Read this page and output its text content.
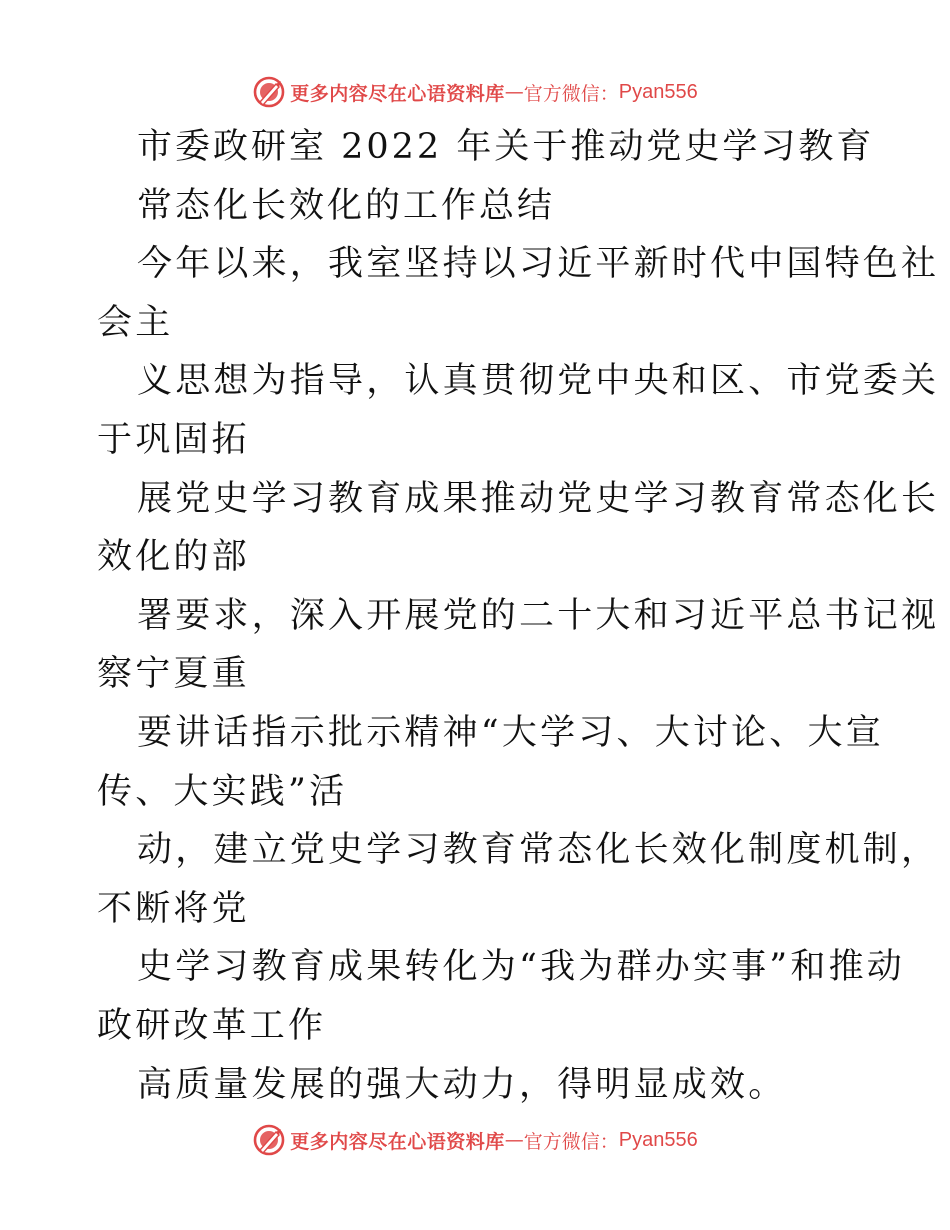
更多内容尽在心语资料库 — 官方微信： Pyan556
市委政研室 2022 年关于推动党史学习教育
常态化长效化的工作总结
今年以来，我室坚持以习近平新时代中国特色社
会主
义思想为指导，认真贯彻党中央和区、市党委关
于巩固拓
展党史学习教育成果推动党史学习教育常态化长
效化的部
署要求，深入开展党的二十大和习近平总书记视
察宁夏重
要讲话指示批示精神“大学习、大讨论、大宣
传、大实践”活
动，建立党史学习教育常态化长效化制度机制，
不断将党
史学习教育成果转化为“我为群办实事”和推动
政研改革工作
高质量发展的强大动力，得明显成效。
更多内容尽在心语资料库 — 官方微信： Pyan556
